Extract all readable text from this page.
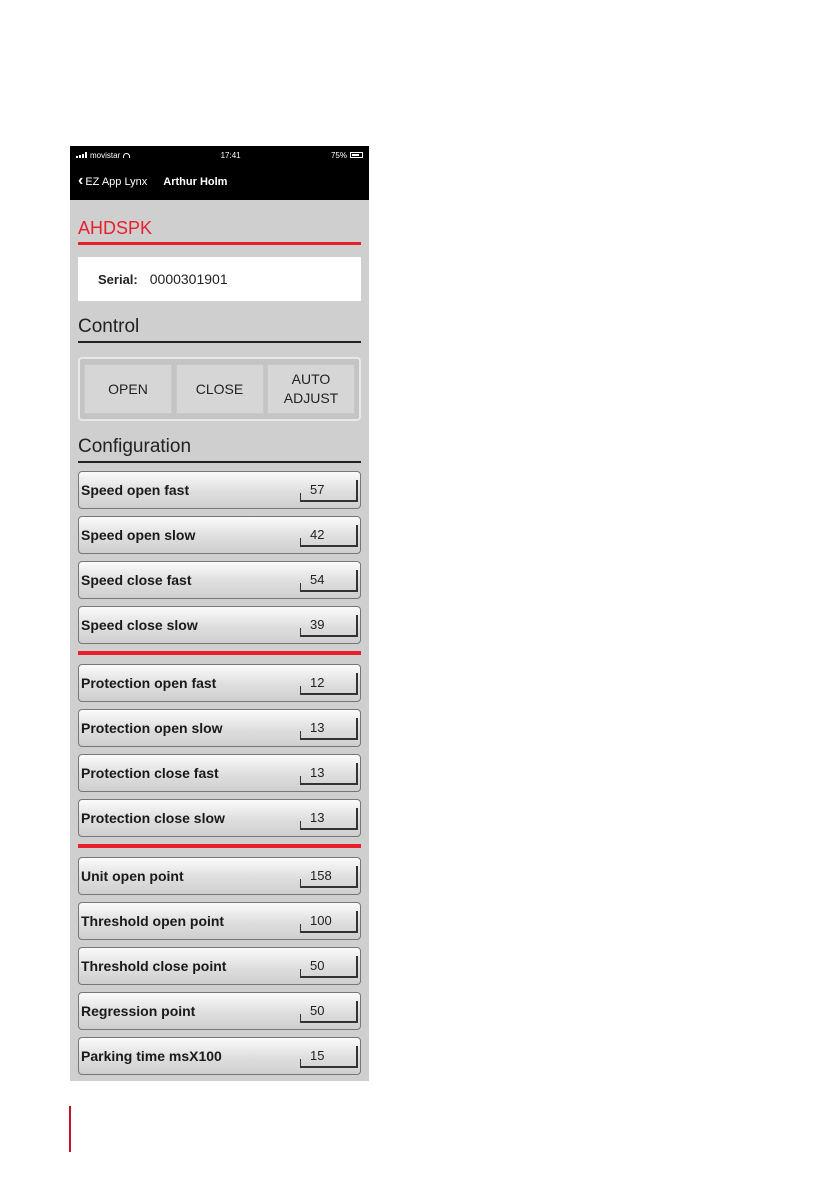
movistar	17:41	75%
‹ EZ App Lynx Arthur Holm
AHDSPK
Serial: 0000301901
Control
OPEN	CLOSE
AUTO
ADJUST
Configuration
Speed open fast	57
Speed open slow	42
Speed close fast	54
Speed close slow	39
Protection open fast	12
Protection open slow	13
Protection close fast	13
Protection close slow	13
Unit open point	158
Threshold open point	100
Threshold close point	50
Regression point	50
Parking time msX100	15
